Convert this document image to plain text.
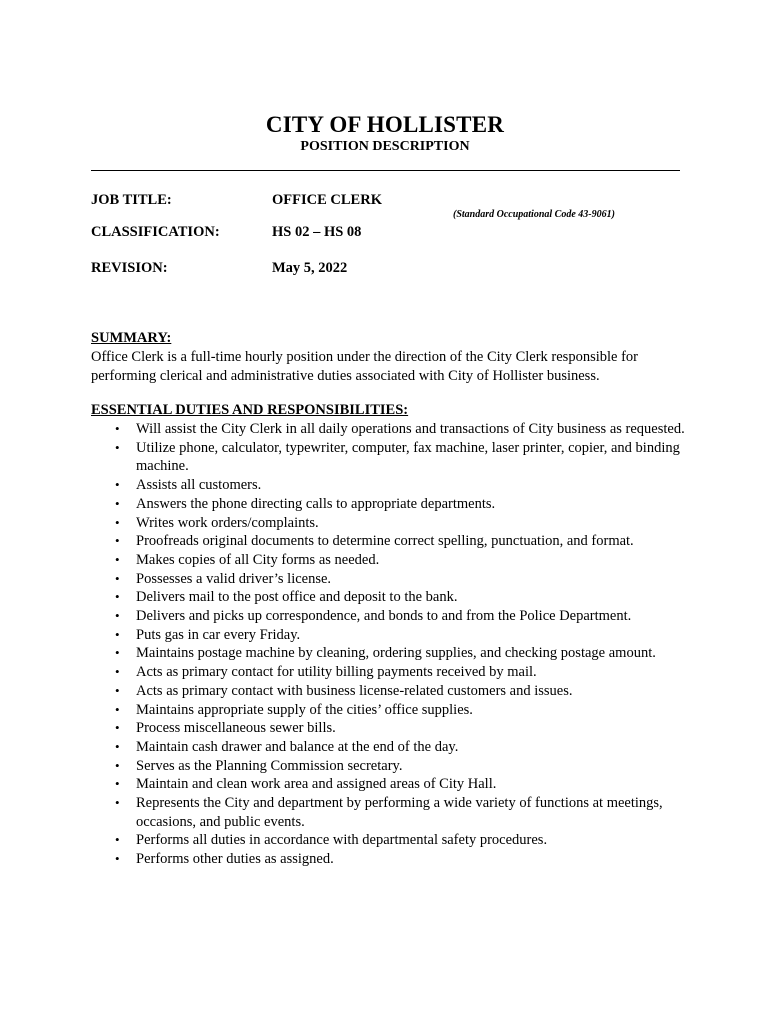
CITY OF HOLLISTER
POSITION DESCRIPTION
JOB TITLE:	OFFICE CLERK
(Standard Occupational Code 43-9061)
CLASSIFICATION:	HS 02 – HS 08
REVISION:	May 5, 2022
SUMMARY:
Office Clerk is a full-time hourly position under the direction of the City Clerk responsible for performing clerical and administrative duties associated with City of Hollister business.
ESSENTIAL DUTIES AND RESPONSIBILITIES:
• Will assist the City Clerk in all daily operations and transactions of City business as requested.
• Utilize phone, calculator, typewriter, computer, fax machine, laser printer, copier, and binding machine.
• Assists all customers.
• Answers the phone directing calls to appropriate departments.
• Writes work orders/complaints.
• Proofreads original documents to determine correct spelling, punctuation, and format.
• Makes copies of all City forms as needed.
• Possesses a valid driver’s license.
• Delivers mail to the post office and deposit to the bank.
• Delivers and picks up correspondence, and bonds to and from the Police Department.
• Puts gas in car every Friday.
• Maintains postage machine by cleaning, ordering supplies, and checking postage amount.
• Acts as primary contact for utility billing payments received by mail.
• Acts as primary contact with business license-related customers and issues.
• Maintains appropriate supply of the cities’ office supplies.
• Process miscellaneous sewer bills.
• Maintain cash drawer and balance at the end of the day.
• Serves as the Planning Commission secretary.
• Maintain and clean work area and assigned areas of City Hall.
• Represents the City and department by performing a wide variety of functions at meetings, occasions, and public events.
• Performs all duties in accordance with departmental safety procedures.
• Performs other duties as assigned.
